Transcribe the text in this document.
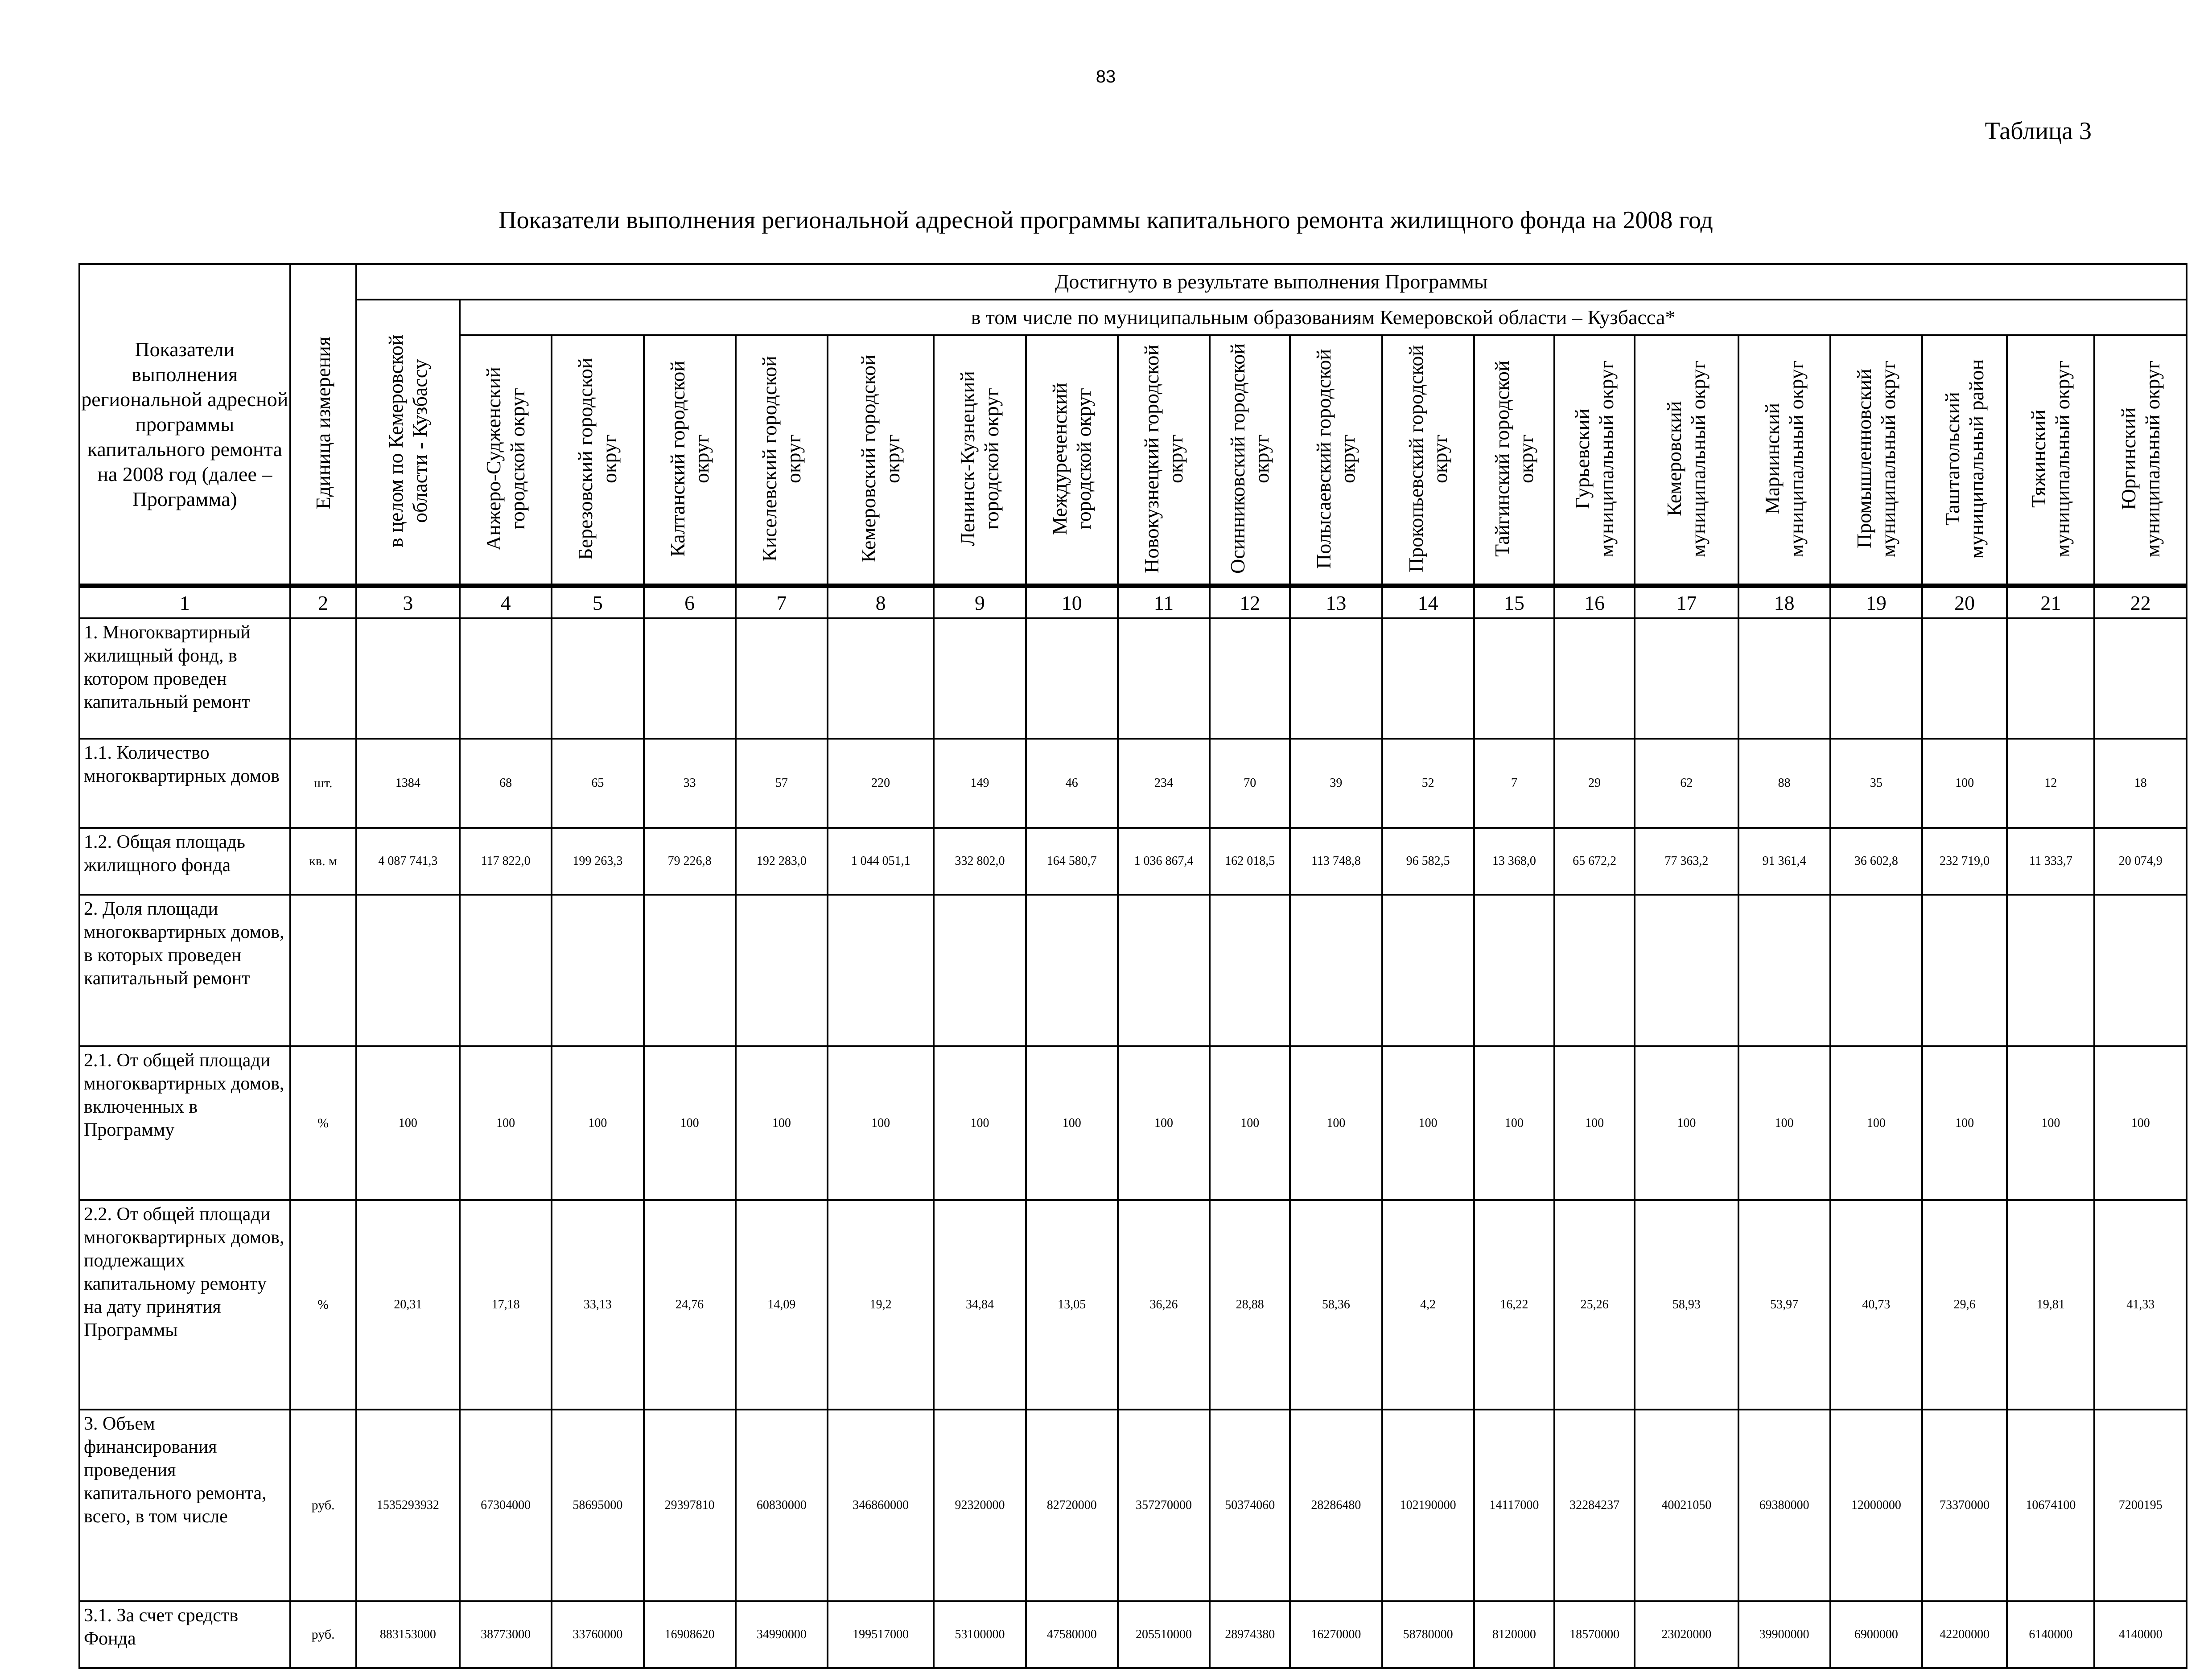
83
Таблица 3
Показатели выполнения региональной адресной программы капитального ремонта жилищного фонда на 2008 год
Показатели выполнения региональной адресной программы капитального ремонта на 2008 год (далее – Программа)	Единица измерения	Достигнуто в результате выполнения Программы																			
		в целом по Кемеровской области - Кузбассу	в том числе по муниципальным образованиям Кемеровской области – Кузбасса*																		
			Анжеро-Судженский городской округ	Березовский городской округ	Калтанский городской округ	Киселевский городской округ	Кемеровский городской округ	Ленинск-Кузнецкий городской округ	Междуреченский городской округ	Новокузнецкий городской округ	Осинниковский городской округ	Полысаевский городской округ	Прокопьевский городской округ	Тайгинский городской округ	Гурьевский муниципальный округ	Кемеровский муниципальный округ	Мариинский муниципальный округ	Промышленновский муниципальный округ	Таштагольский муниципальный район	Тяжинский муниципальный округ	Юргинский муниципальный округ
1	2	3	4	5	6	7	8	9	10	11	12	13	14	15	16	17	18	19	20	21	22
1. Многоквартирный жилищный фонд, в котором проведен капитальный ремонт																					
1.1. Количество многоквартирных домов	шт.	1384	68	65	33	57	220	149	46	234	70	39	52	7	29	62	88	35	100	12	18
1.2. Общая площадь жилищного фонда	кв. м	4 087 741,3	117 822,0	199 263,3	79 226,8	192 283,0	1 044 051,1	332 802,0	164 580,7	1 036 867,4	162 018,5	113 748,8	96 582,5	13 368,0	65 672,2	77 363,2	91 361,4	36 602,8	232 719,0	11 333,7	20 074,9
2. Доля площади многоквартирных домов, в которых проведен капитальный ремонт																					
2.1. От общей площади многоквартирных домов, включенных в Программу	%	100	100	100	100	100	100	100	100	100	100	100	100	100	100	100	100	100	100	100	100
2.2. От общей площади многоквартирных домов, подлежащих капитальному ремонту на дату принятия Программы	%	20,31	17,18	33,13	24,76	14,09	19,2	34,84	13,05	36,26	28,88	58,36	4,2	16,22	25,26	58,93	53,97	40,73	29,6	19,81	41,33
3. Объем финансирования проведения капитального ремонта, всего, в том числе	руб.	1535293932	67304000	58695000	29397810	60830000	346860000	92320000	82720000	357270000	50374060	28286480	102190000	14117000	32284237	40021050	69380000	12000000	73370000	10674100	7200195
3.1. За счет средств Фонда	руб.	883153000	38773000	33760000	16908620	34990000	199517000	53100000	47580000	205510000	28974380	16270000	58780000	8120000	18570000	23020000	39900000	6900000	42200000	6140000	4140000
